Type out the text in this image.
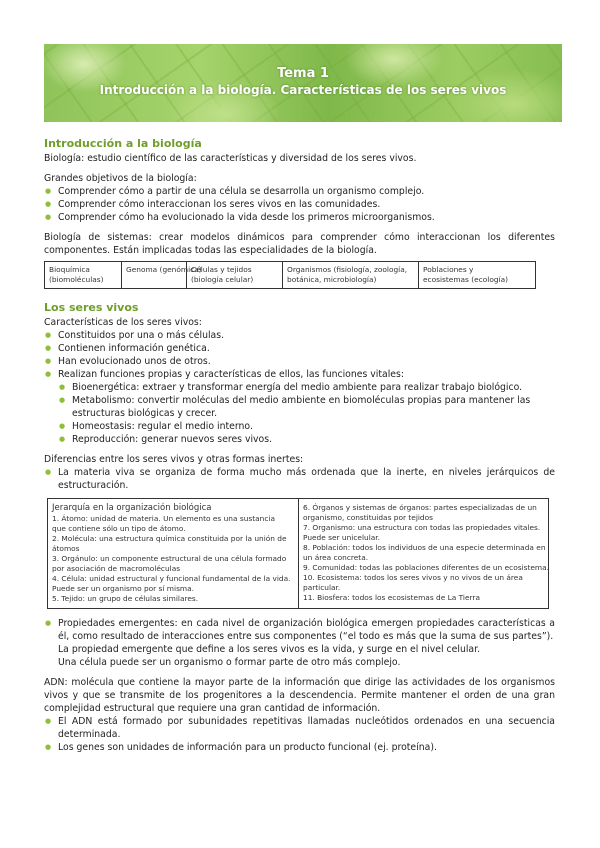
Tema 1
Introducción a la biología. Características de los seres vivos
Introducción a la biología

Biología: estudio científico de las características y diversidad de los seres vivos.

Grandes objetivos de la biología:

● Comprender cómo a partir de una célula se desarrolla un organismo complejo.
● Comprender cómo interaccionan los seres vivos en las comunidades.
● Comprender cómo ha evolucionado la vida desde los primeros microorganismos.

Biología de sistemas: crear modelos dinámicos para comprender cómo interaccionan los diferentes componentes. Están implicadas todas las especialidades de la biología.

Bioquímica
(biomoléculas)

Genoma (genómica)

Células y tejidos
(biología celular)

Organismos (fisiología, zoología,
botánica, microbiología)

Poblaciones y
ecosistemas (ecología)
Los seres vivos

Características de los seres vivos:

● Constituidos por una o más células.
● Contienen información genética.
● Han evolucionado unos de otros.
● Realizan funciones propias y características de ellos, las funciones vitales:
● Bioenergética: extraer y transformar energía del medio ambiente para realizar trabajo biológico.
● Metabolismo: convertir moléculas del medio ambiente en biomoléculas propias para mantener las estructuras biológicas y crecer.
● Homeostasis: regular el medio interno.
● Reproducción: generar nuevos seres vivos.

Diferencias entre los seres vivos y otras formas inertes:

● La materia viva se organiza de forma mucho más ordenada que la inerte, en niveles jerárquicos de estructuración.
Jerarquía en la organización biológica
1. Átomo: unidad de materia. Un elemento es una sustancia
que contiene sólo un tipo de átomo.
2. Molécula: una estructura química constituida por la unión de
átomos
3. Orgánulo: un componente estructural de una célula formado
por asociación de macromoléculas
4. Célula: unidad estructural y funcional fundamental de la vida.
Puede ser un organismo por sí misma.
5. Tejido: un grupo de células similares.
6. Órganos y sistemas de órganos: partes especializadas de un
organismo, constituidas por tejidos
7. Organismo: una estructura con todas las propiedades vitales.
Puede ser unicelular.
8. Población: todos los individuos de una especie determinada en
un área concreta.
9. Comunidad: todas las poblaciones diferentes de un ecosistema.
10. Ecosistema: todos los seres vivos y no vivos de un área
particular.
11. Biosfera: todos los ecosistemas de La Tierra
● Propiedades emergentes: en cada nivel de organización biológica emergen propiedades características a él, como resultado de interacciones entre sus componentes (“el todo es más que la suma de sus partes”).

La propiedad emergente que define a los seres vivos es la vida, y surge en el nivel celular.

Una célula puede ser un organismo o formar parte de otro más complejo.

ADN: molécula que contiene la mayor parte de la información que dirige las actividades de los organismos vivos y que se transmite de los progenitores a la descendencia. Permite mantener el orden de una gran complejidad estructural que requiere una gran cantidad de información.

● El ADN está formado por subunidades repetitivas llamadas nucleótidos ordenados en una secuencia determinada.
● Los genes son unidades de información para un producto funcional (ej. proteína).
